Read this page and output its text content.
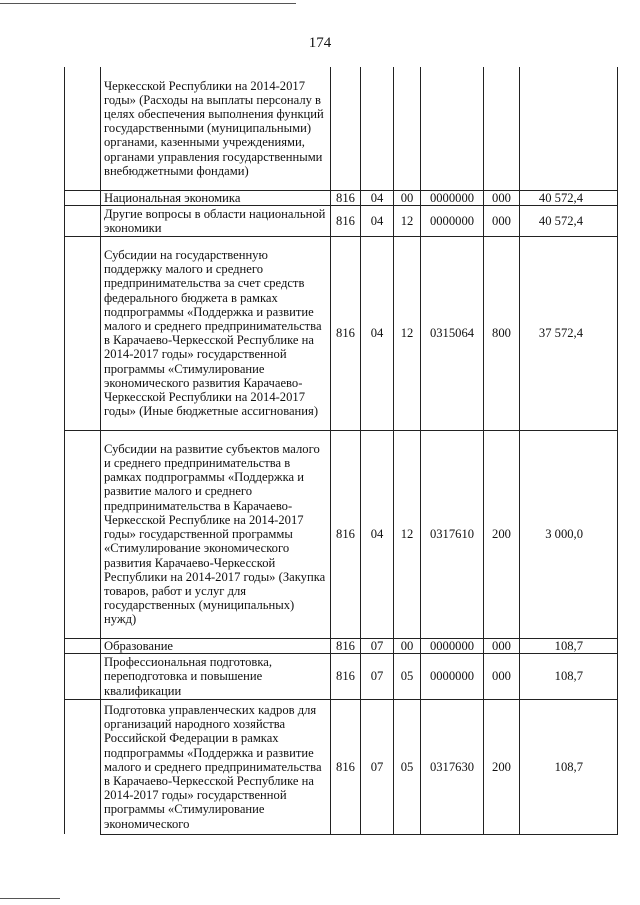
174
	Черкесской Республики на 2014-2017 годы» (Расходы на выплаты персоналу в целях обеспечения выполнения функций государственными (муниципальными) органами, казенными учреждениями, органами управления государственными внебюджетными фондами)						
	Национальная экономика	816	04	00	0000000	000	40 572,4
	Другие вопросы в области национальной экономики	816	04	12	0000000	000	40 572,4
	Субсидии на государственную поддержку малого и среднего предпринимательства за счет средств федерального бюджета в рамках подпрограммы «Поддержка и развитие малого и среднего предпринимательства в Карачаево-Черкесской Республике на 2014-2017 годы» государственной программы «Стимулирование экономического развития Карачаево-Черкесской Республики на 2014-2017 годы» (Иные бюджетные ассигнования)	816	04	12	0315064	800	37 572,4
	Субсидии на развитие субъектов малого и среднего предпринимательства в рамках подпрограммы «Поддержка и развитие малого и среднего предпринимательства в Карачаево-Черкесской Республике на 2014-2017 годы» государственной программы «Стимулирование экономического развития Карачаево-Черкесской Республики на 2014-2017 годы» (Закупка товаров, работ и услуг для государственных (муниципальных) нужд)	816	04	12	0317610	200	3 000,0
	Образование	816	07	00	0000000	000	108,7
	Профессиональная подготовка, переподготовка и повышение квалификации	816	07	05	0000000	000	108,7
	Подготовка управленческих кадров для организаций народного хозяйства Российской Федерации в рамках подпрограммы «Поддержка и развитие малого и среднего предпринимательства в Карачаево-Черкесской Республике на 2014-2017 годы» государственной программы «Стимулирование экономического	816	07	05	0317630	200	108,7
